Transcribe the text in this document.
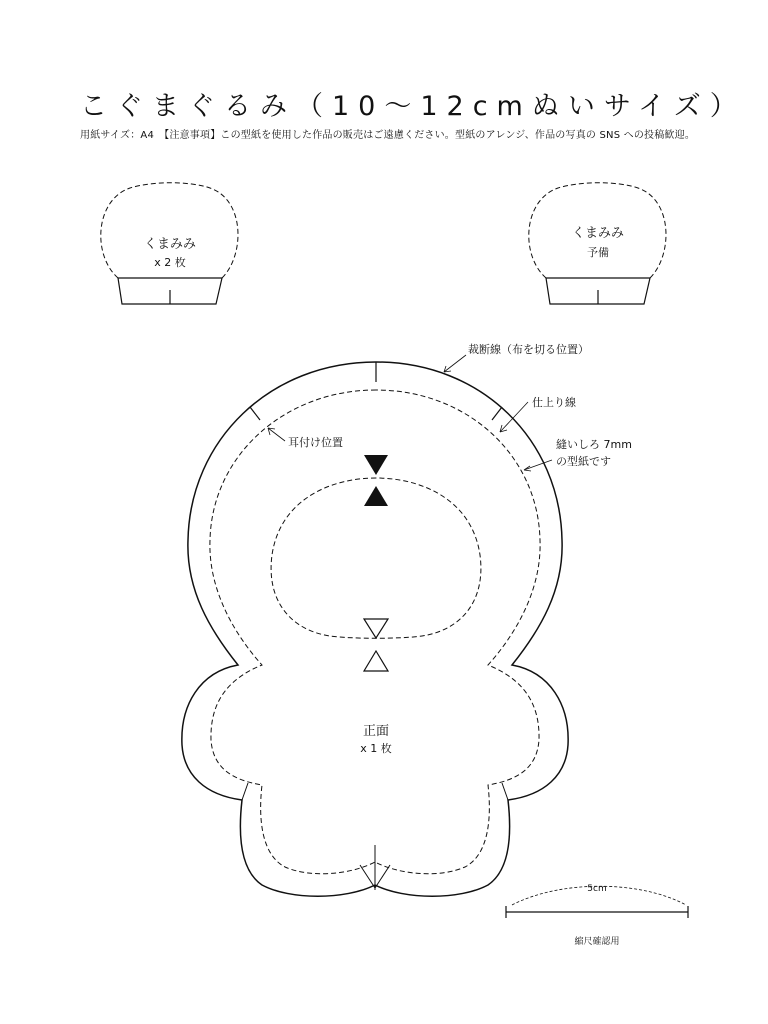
こぐまぐるみ（10〜12cmぬいサイズ）
用紙サイズ：A4　【注意事項】この型紙を使用した作品の販売はご遠慮ください。型紙のアレンジ、作品の写真の SNS への投稿歓迎。
くまみみ
x 2 枚
くまみみ
予備
裁断線（布を切る位置）
仕上り線
縫いしろ 7mm
の型紙です
耳付け位置
正面
x 1 枚
5cm
縮尺確認用
